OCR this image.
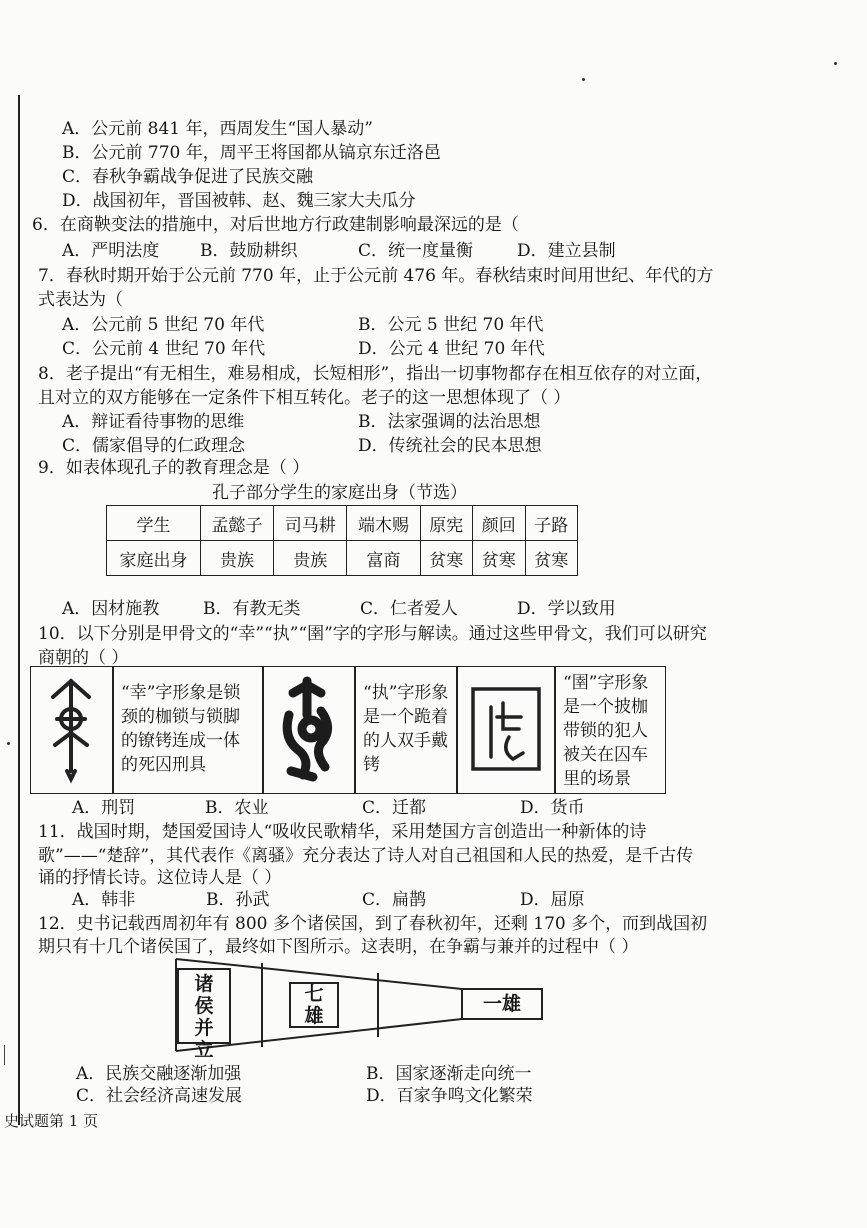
A．公元前 841 年，西周发生“国人暴动”
B．公元前 770 年，周平王将国都从镐京东迁洛邑
C．春秋争霸战争促进了民族交融
D．战国初年，晋国被韩、赵、魏三家大夫瓜分
6．在商鞅变法的措施中，对后世地方行政建制影响最深远的是（
A．严明法度 B．鼓励耕织	C．统一度量衡	D．建立县制
7．春秋时期开始于公元前 770 年，止于公元前 476 年。春秋结束时间用世纪、年代的方
式表达为（
A．公元前 5 世纪 70 年代	B．公元 5 世纪 70 年代
C．公元前 4 世纪 70 年代	D．公元 4 世纪 70 年代
8．老子提出“有无相生，难易相成，长短相形”，指出一切事物都存在相互依存的对立面，
且对立的双方能够在一定条件下相互转化。老子的这一思想体现了（ ）
A．辩证看待事物的思维	B．法家强调的法治思想
C．儒家倡导的仁政理念	D．传统社会的民本思想
9．如表体现孔子的教育理念是（ ）
孔子部分学生的家庭出身（节选）
学生	孟懿子	司马耕	端木赐	原宪	颜回	子路
家庭出身	贵族	贵族	富商	贫寒	贫寒	贫寒
A．因材施教	B．有教无类	C．仁者爱人	D．学以致用
10．以下分别是甲骨文的“幸”“执”“圉”字的字形与解读。通过这些甲骨文，我们可以研究
商朝的（ ）
“幸”字形象是锁
颈的枷锁与锁脚
的镣铐连成一体
的死囚刑具
“执”字形象
是一个跪着
的人双手戴
铐
“圉”字形象
是一个披枷
带锁的犯人
被关在囚车
里的场景
A．刑罚	B．农业	C．迁都	D．货币
11．战国时期，楚国爱国诗人“吸收民歌精华，采用楚国方言创造出一种新体的诗
歌”——“楚辞”，其代表作《离骚》充分表达了诗人对自己祖国和人民的热爱，是千古传
诵的抒情长诗。这位诗人是（ ）
A．韩非	B．孙武	C．扁鹊	D．屈原
12．史书记载西周初年有 800 多个诸侯国，到了春秋初年，还剩 170 多个，而到战国初
期只有十几个诸侯国了，最终如下图所示。这表明，在争霸与兼并的过程中（ ）
诸
侯
并
立
七
雄
一雄
A．民族交融逐渐加强	B．国家逐渐走向统一
C．社会经济高速发展	D．百家争鸣文化繁荣
史试题第 1 页
